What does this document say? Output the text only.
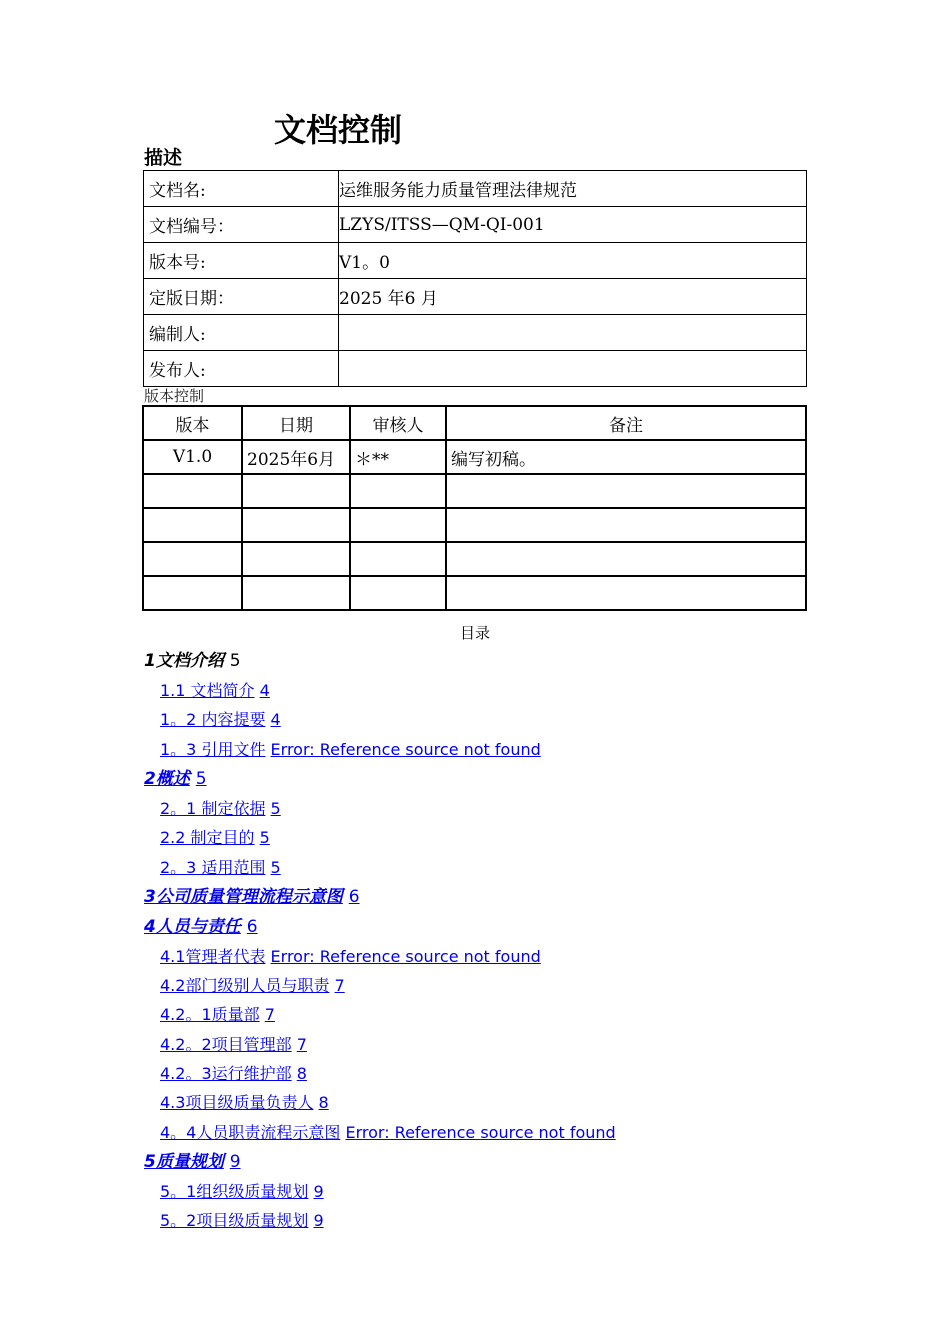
文档控制
描述
文档名:	运维服务能力质量管理法律规范
文档编号：	LZYS/ITSS—QM-QI-001
版本号:	V1。0
定版日期：	2025 年6 月
编制人:	
发布人:	
版本控制
版本	日期	审核人	备注
V1.0	2025年6月	＊**	编写初稿。

目录
1文档介绍 5
1.1 文档简介 4
1。2 内容提要 4
1。3 引用文件 Error: Reference source not found
2概述 5
2。1 制定依据 5
2.2 制定目的 5
2。3 适用范围 5
3公司质量管理流程示意图 6
4人员与责任 6
4.1管理者代表 Error: Reference source not found
4.2部门级别人员与职责 7
4.2。1质量部 7
4.2。2项目管理部 7
4.2。3运行维护部 8
4.3项目级质量负责人 8
4。4人员职责流程示意图 Error: Reference source not found
5质量规划 9
5。1组织级质量规划 9
5。2项目级质量规划 9
